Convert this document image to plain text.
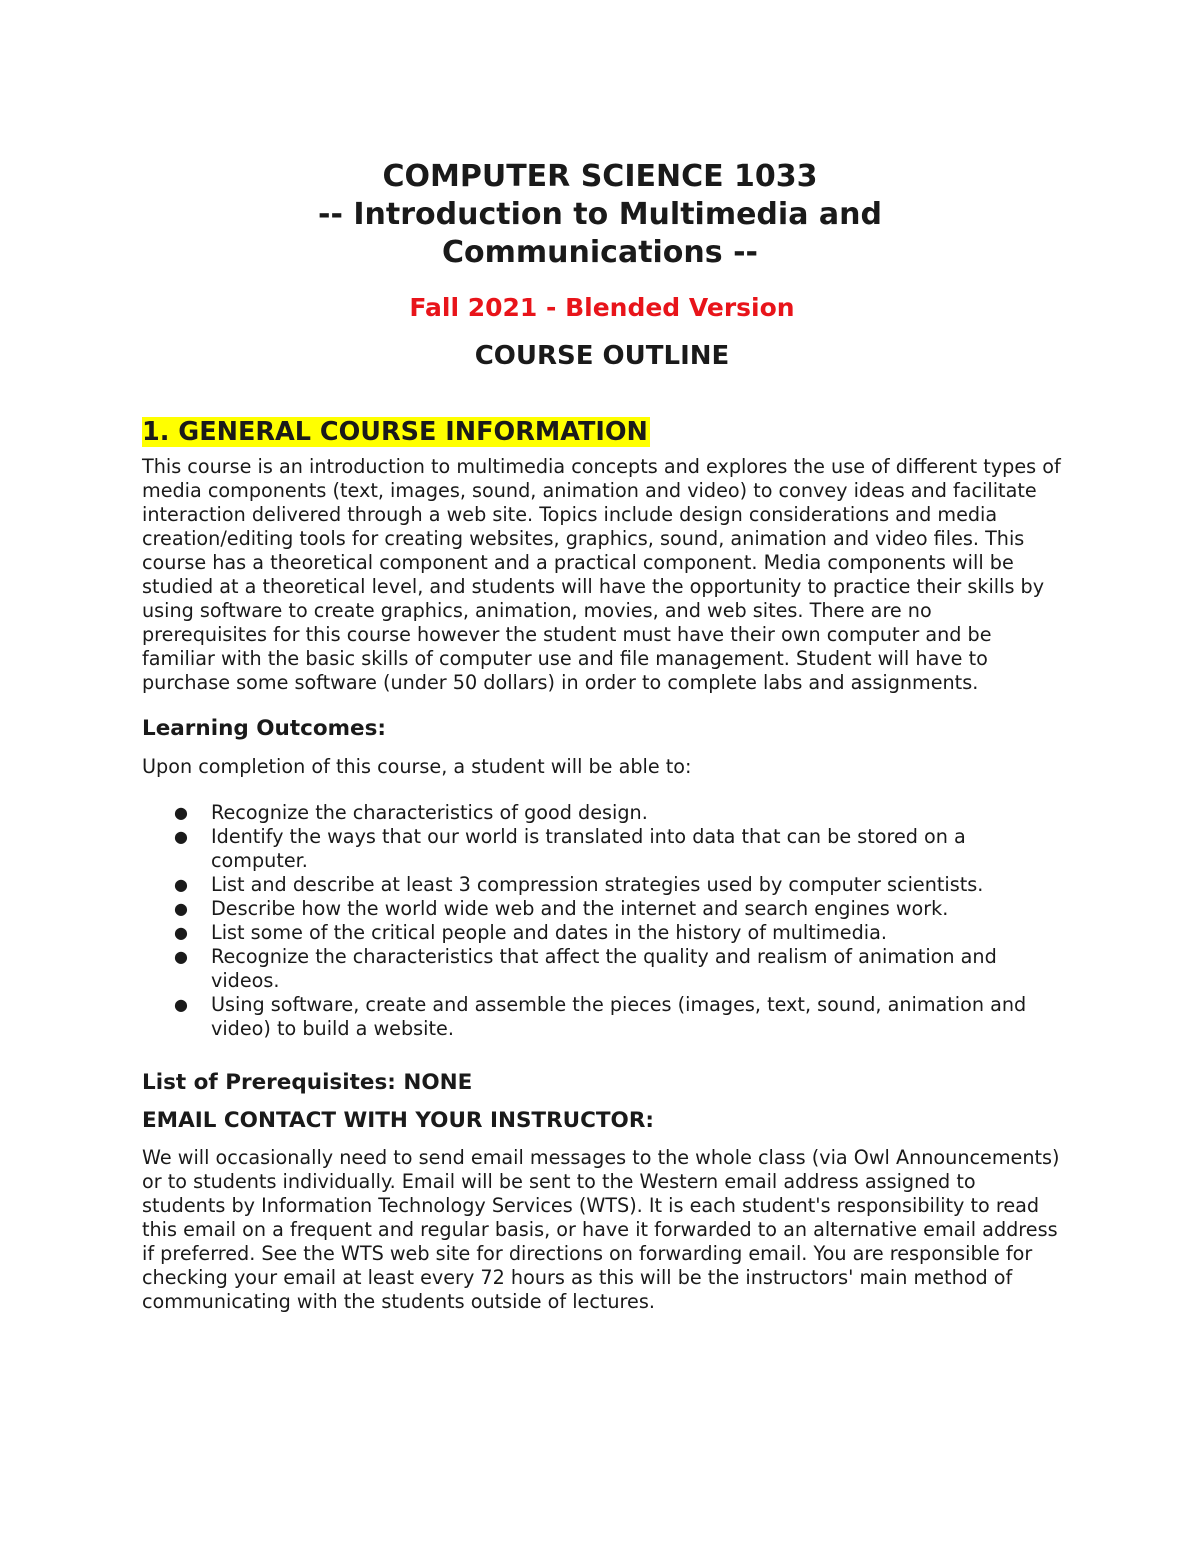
COMPUTER SCIENCE 1033
-- Introduction to Multimedia and
Communications --
Fall 2021 - Blended Version
COURSE OUTLINE
1. GENERAL COURSE INFORMATION

This course is an introduction to multimedia concepts and explores the use of different types of media components (text, images, sound, animation and video) to convey ideas and facilitate interaction delivered through a web site. Topics include design considerations and media creation/editing tools for creating websites, graphics, sound, animation and video files. This course has a theoretical component and a practical component. Media components will be studied at a theoretical level, and students will have the opportunity to practice their skills by using software to create graphics, animation, movies, and web sites. There are no prerequisites for this course however the student must have their own computer and be familiar with the basic skills of computer use and file management. Student will have to purchase some software (under 50 dollars) in order to complete labs and assignments.

Learning Outcomes:
Upon completion of this course, a student will be able to:
● Recognize the characteristics of good design.
● Identify the ways that our world is translated into data that can be stored on a computer.
● List and describe at least 3 compression strategies used by computer scientists.
● Describe how the world wide web and the internet and search engines work.
● List some of the critical people and dates in the history of multimedia.
● Recognize the characteristics that affect the quality and realism of animation and videos.
● Using software, create and assemble the pieces (images, text, sound, animation and video) to build a website.
List of Prerequisites: NONE
EMAIL CONTACT WITH YOUR INSTRUCTOR:

We will occasionally need to send email messages to the whole class (via Owl Announcements) or to students individually. Email will be sent to the Western email address assigned to students by Information Technology Services (WTS). It is each student's responsibility to read this email on a frequent and regular basis, or have it forwarded to an alternative email address if preferred. See the WTS web site for directions on forwarding email. You are responsible for checking your email at least every 72 hours as this will be the instructors' main method of communicating with the students outside of lectures.
